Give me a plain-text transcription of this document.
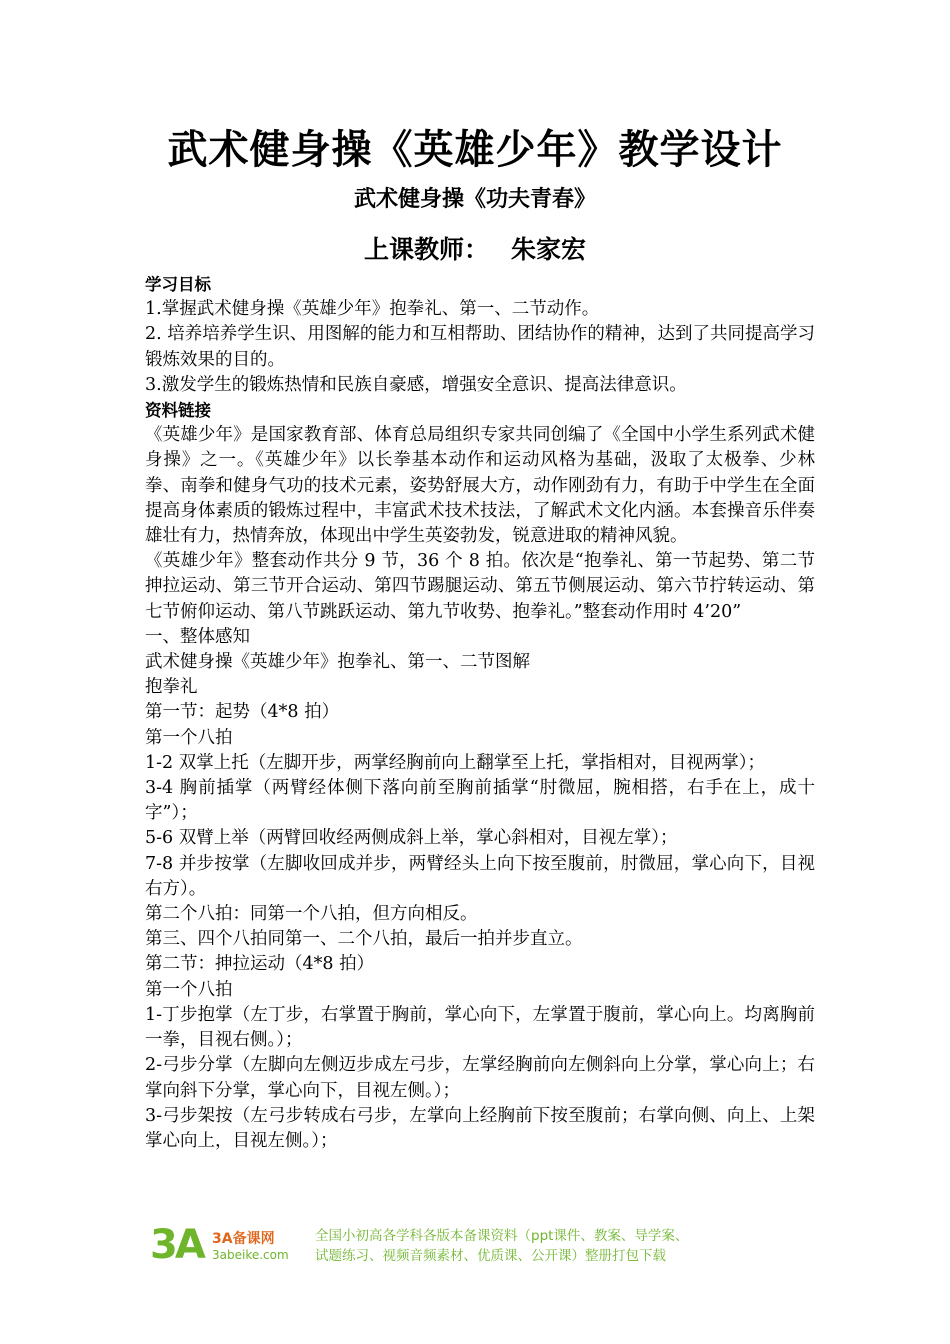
武术健身操《英雄少年》教学设计
武术健身操《功夫青春》
上课教师： 朱家宏

学习目标

1.掌握武术健身操《英雄少年》抱拳礼、第一、二节动作。

2. 培养培养学生识、用图解的能力和互相帮助、团结协作的精神，达到了共同提高学习锻炼效果的目的。

3.激发学生的锻炼热情和民族自豪感，增强安全意识、提高法律意识。

资料链接

《英雄少年》是国家教育部、体育总局组织专家共同创编了《全国中小学生系列武术健身操》之一。《英雄少年》以长拳基本动作和运动风格为基础，汲取了太极拳、少林拳、南拳和健身气功的技术元素，姿势舒展大方，动作刚劲有力，有助于中学生在全面提高身体素质的锻炼过程中，丰富武术技术技法，了解武术文化内涵。本套操音乐伴奏雄壮有力，热情奔放，体现出中学生英姿勃发，锐意进取的精神风貌。

《英雄少年》整套动作共分 9 节，36 个 8 拍。依次是“抱拳礼、第一节起势、第二节抻拉运动、第三节开合运动、第四节踢腿运动、第五节侧展运动、第六节拧转运动、第七节俯仰运动、第八节跳跃运动、第九节收势、抱拳礼。”整套动作用时 4’20”

一、整体感知

武术健身操《英雄少年》抱拳礼、第一、二节图解

抱拳礼

第一节：起势（4*8 拍）

第一个八拍

1-2 双掌上托（左脚开步，两掌经胸前向上翻掌至上托，掌指相对，目视两掌）；

3-4 胸前插掌（两臂经体侧下落向前至胸前插掌“肘微屈，腕相搭，右手在上，成十字”）；

5-6 双臂上举（两臂回收经两侧成斜上举，掌心斜相对，目视左掌）；

7-8 并步按掌（左脚收回成并步，两臂经头上向下按至腹前，肘微屈，掌心向下，目视右方）。

第二个八拍：同第一个八拍，但方向相反。

第三、四个八拍同第一、二个八拍，最后一拍并步直立。

第二节：抻拉运动（4*8 拍）

第一个八拍

1-丁步抱掌（左丁步，右掌置于胸前，掌心向下，左掌置于腹前，掌心向上。均离胸前一拳，目视右侧。）；

2-弓步分掌（左脚向左侧迈步成左弓步，左掌经胸前向左侧斜向上分掌，掌心向上；右掌向斜下分掌，掌心向下，目视左侧。）；

3-弓步架按（左弓步转成右弓步，左掌向上经胸前下按至腹前；右掌向侧、向上、上架掌心向上，目视左侧。）；

3A 3A备课网
3abeike.com
全国小初高各学科各版本备课资料（ppt课件、教案、导学案、
试题练习、视频音频素材、优质课、公开课）整册打包下载
